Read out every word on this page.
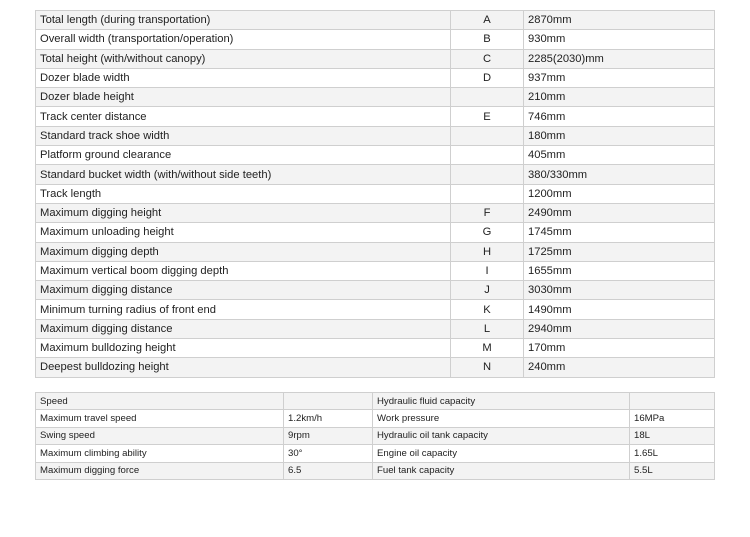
Total length (during transportation)	A	2870mm
Overall width (transportation/operation)	B	930mm
Total height (with/without canopy)	C	2285(2030)mm
Dozer blade width	D	937mm
Dozer blade height		210mm
Track center distance	E	746mm
Standard track shoe width		180mm
Platform ground clearance		405mm
Standard bucket width (with/without side teeth)		380/330mm
Track length		1200mm
Maximum digging height	F	2490mm
Maximum unloading height	G	1745mm
Maximum digging depth	H	1725mm
Maximum vertical boom digging depth	I	1655mm
Maximum digging distance	J	3030mm
Minimum turning radius of front end	K	1490mm
Maximum digging distance	L	2940mm
Maximum bulldozing height	M	170mm
Deepest bulldozing height	N	240mm
Speed		Hydraulic fluid capacity	
Maximum travel speed	1.2km/h	Work pressure	16MPa
Swing speed	9rpm	Hydraulic oil tank capacity	18L
Maximum climbing ability	30°	Engine oil capacity	1.65L
Maximum digging force	6.5	Fuel tank capacity	5.5L
